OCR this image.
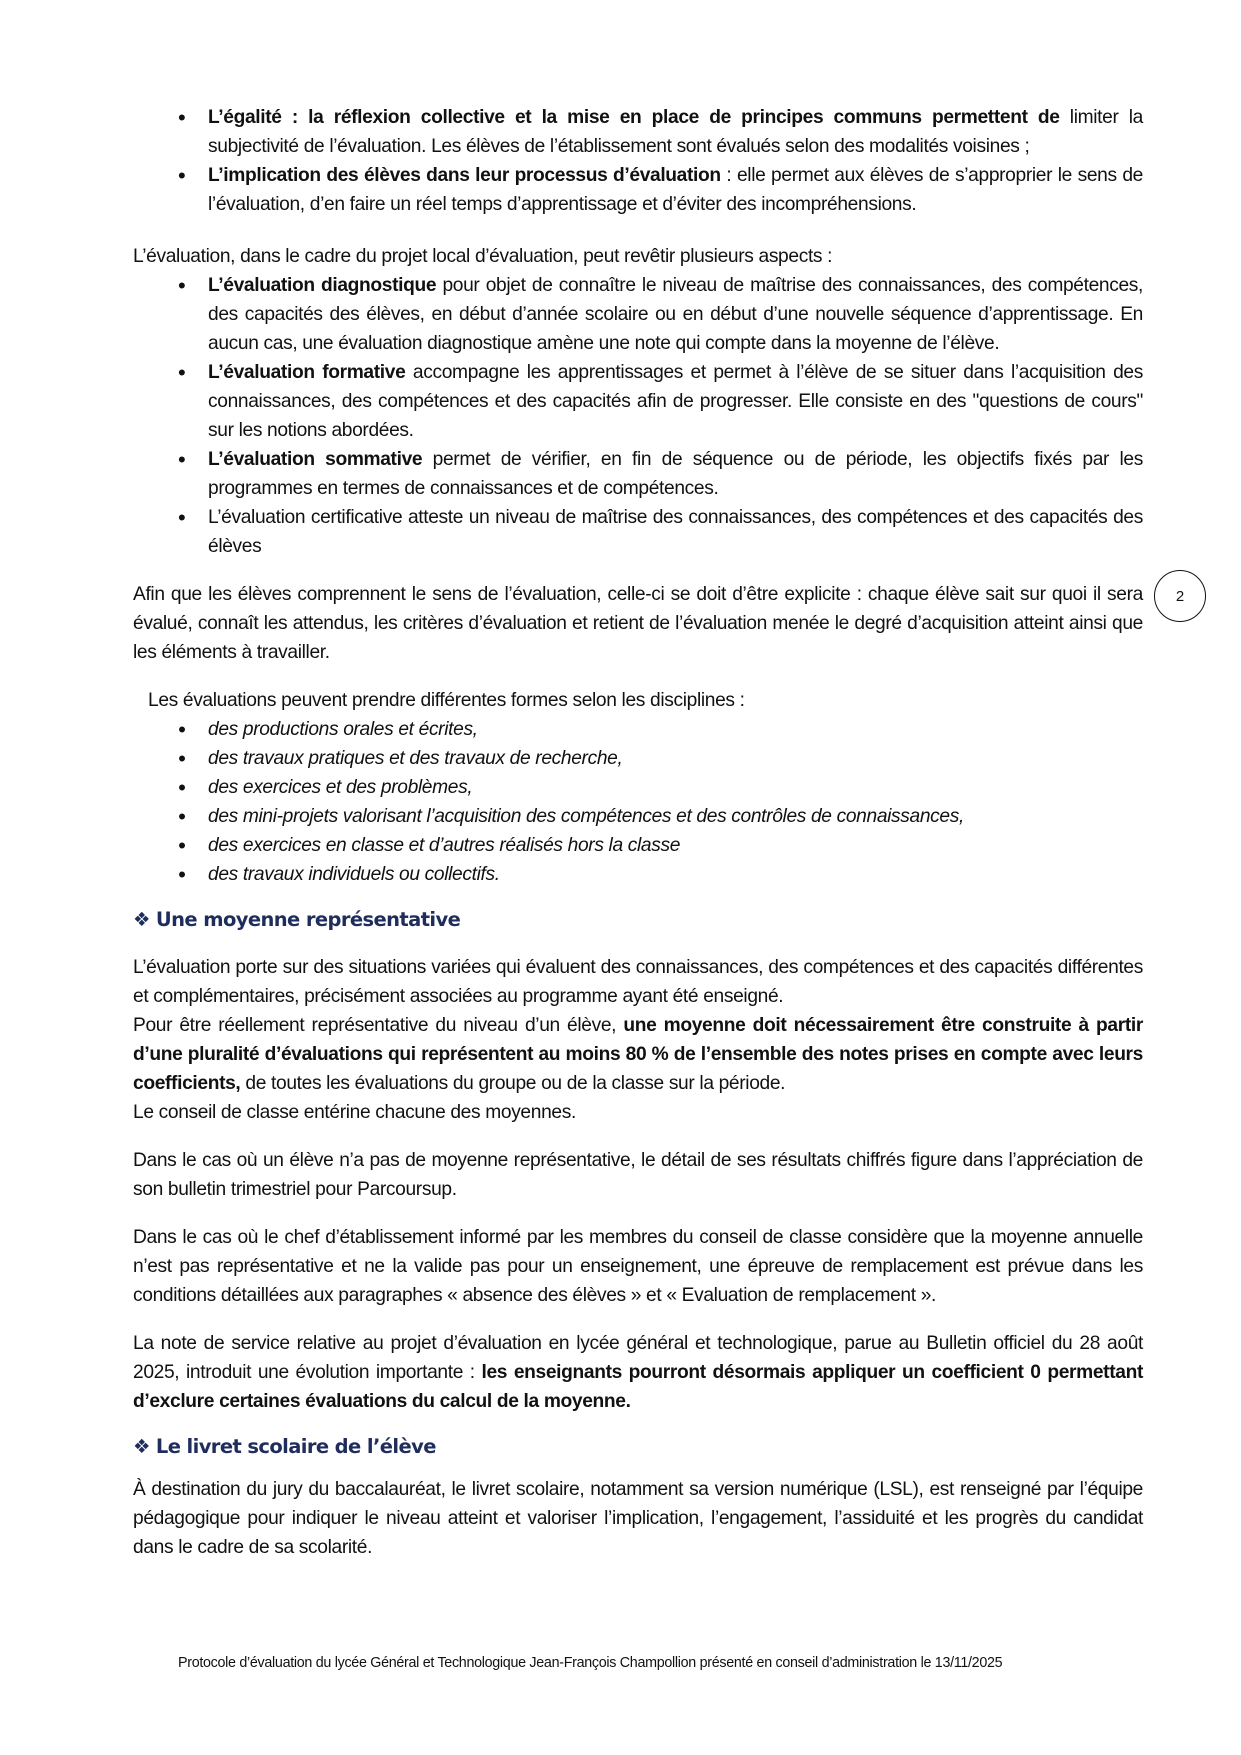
• L’égalité : la réflexion collective et la mise en place de principes communs permettent de limiter la subjectivité de l’évaluation. Les élèves de l’établissement sont évalués selon des modalités voisines ;
• L’implication des élèves dans leur processus d’évaluation : elle permet aux élèves de s’approprier le sens de l’évaluation, d’en faire un réel temps d’apprentissage et d’éviter des incompréhensions.

L’évaluation, dans le cadre du projet local d’évaluation, peut revêtir plusieurs aspects :

• L’évaluation diagnostique pour objet de connaître le niveau de maîtrise des connaissances, des compétences, des capacités des élèves, en début d’année scolaire ou en début d’une nouvelle séquence d’apprentissage. En aucun cas, une évaluation diagnostique amène une note qui compte dans la moyenne de l’élève.
• L’évaluation formative accompagne les apprentissages et permet à l’élève de se situer dans l’acquisition des connaissances, des compétences et des capacités afin de progresser. Elle consiste en des "questions de cours" sur les notions abordées.
• L’évaluation sommative permet de vérifier, en fin de séquence ou de période, les objectifs fixés par les programmes en termes de connaissances et de compétences.
• L’évaluation certificative atteste un niveau de maîtrise des connaissances, des compétences et des capacités des élèves

Afin que les élèves comprennent le sens de l’évaluation, celle-ci se doit d’être explicite : chaque élève sait sur quoi il sera évalué, connaît les attendus, les critères d’évaluation et retient de l’évaluation menée le degré d’acquisition atteint ainsi que les éléments à travailler.

Les évaluations peuvent prendre différentes formes selon les disciplines :

• des productions orales et écrites,
• des travaux pratiques et des travaux de recherche,
• des exercices et des problèmes,
• des mini-projets valorisant l’acquisition des compétences et des contrôles de connaissances,
• des exercices en classe et d’autres réalisés hors la classe
• des travaux individuels ou collectifs.
❖ Une moyenne représentative

L’évaluation porte sur des situations variées qui évaluent des connaissances, des compétences et des capacités différentes et complémentaires, précisément associées au programme ayant été enseigné.

Pour être réellement représentative du niveau d’un élève, une moyenne doit nécessairement être construite à partir d’une pluralité d’évaluations qui représentent au moins 80 % de l’ensemble des notes prises en compte avec leurs coefficients, de toutes les évaluations du groupe ou de la classe sur la période.

Le conseil de classe entérine chacune des moyennes.

Dans le cas où un élève n’a pas de moyenne représentative, le détail de ses résultats chiffrés figure dans l’appréciation de son bulletin trimestriel pour Parcoursup.

Dans le cas où le chef d’établissement informé par les membres du conseil de classe considère que la moyenne annuelle n’est pas représentative et ne la valide pas pour un enseignement, une épreuve de remplacement est prévue dans les conditions détaillées aux paragraphes « absence des élèves » et « Evaluation de remplacement ».

La note de service relative au projet d’évaluation en lycée général et technologique, parue au Bulletin officiel du 28 août 2025, introduit une évolution importante : les enseignants pourront désormais appliquer un coefficient 0 permettant d’exclure certaines évaluations du calcul de la moyenne.

❖ Le livret scolaire de l’élève

À destination du jury du baccalauréat, le livret scolaire, notamment sa version numérique (LSL), est renseigné par l’équipe pédagogique pour indiquer le niveau atteint et valoriser l’implication, l’engagement, l’assiduité et les progrès du candidat dans le cadre de sa scolarité.

2
Protocole d’évaluation du lycée Général et Technologique Jean-François Champollion présenté en conseil d’administration le 13/11/2025
